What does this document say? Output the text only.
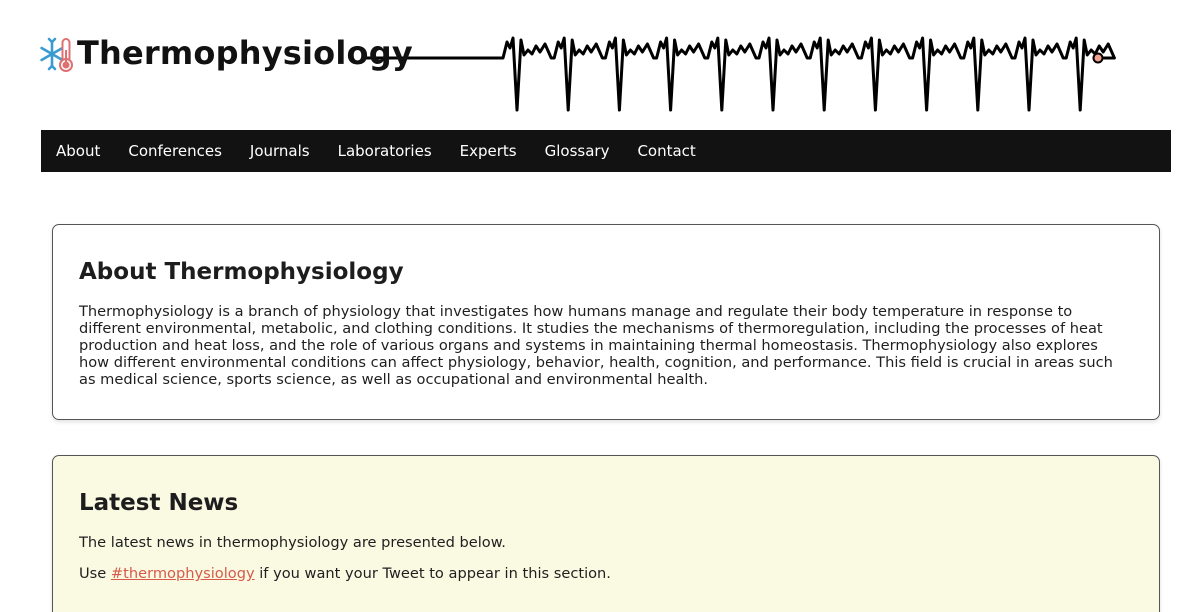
Thermophysiology
About	Conferences	Journals	Laboratories	Experts	Glossary	Contact
About Thermophysiology

Thermophysiology is a branch of physiology that investigates how humans manage and regulate their body temperature in response to different environmental, metabolic, and clothing conditions. It studies the mechanisms of thermoregulation, including the processes of heat production and heat loss, and the role of various organs and systems in maintaining thermal homeostasis. Thermophysiology also explores how different environmental conditions can affect physiology, behavior, health, cognition, and performance. This field is crucial in areas such as medical science, sports science, as well as occupational and environmental health.

Latest News

The latest news in thermophysiology are presented below.

Use #thermophysiology if you want your Tweet to appear in this section.
